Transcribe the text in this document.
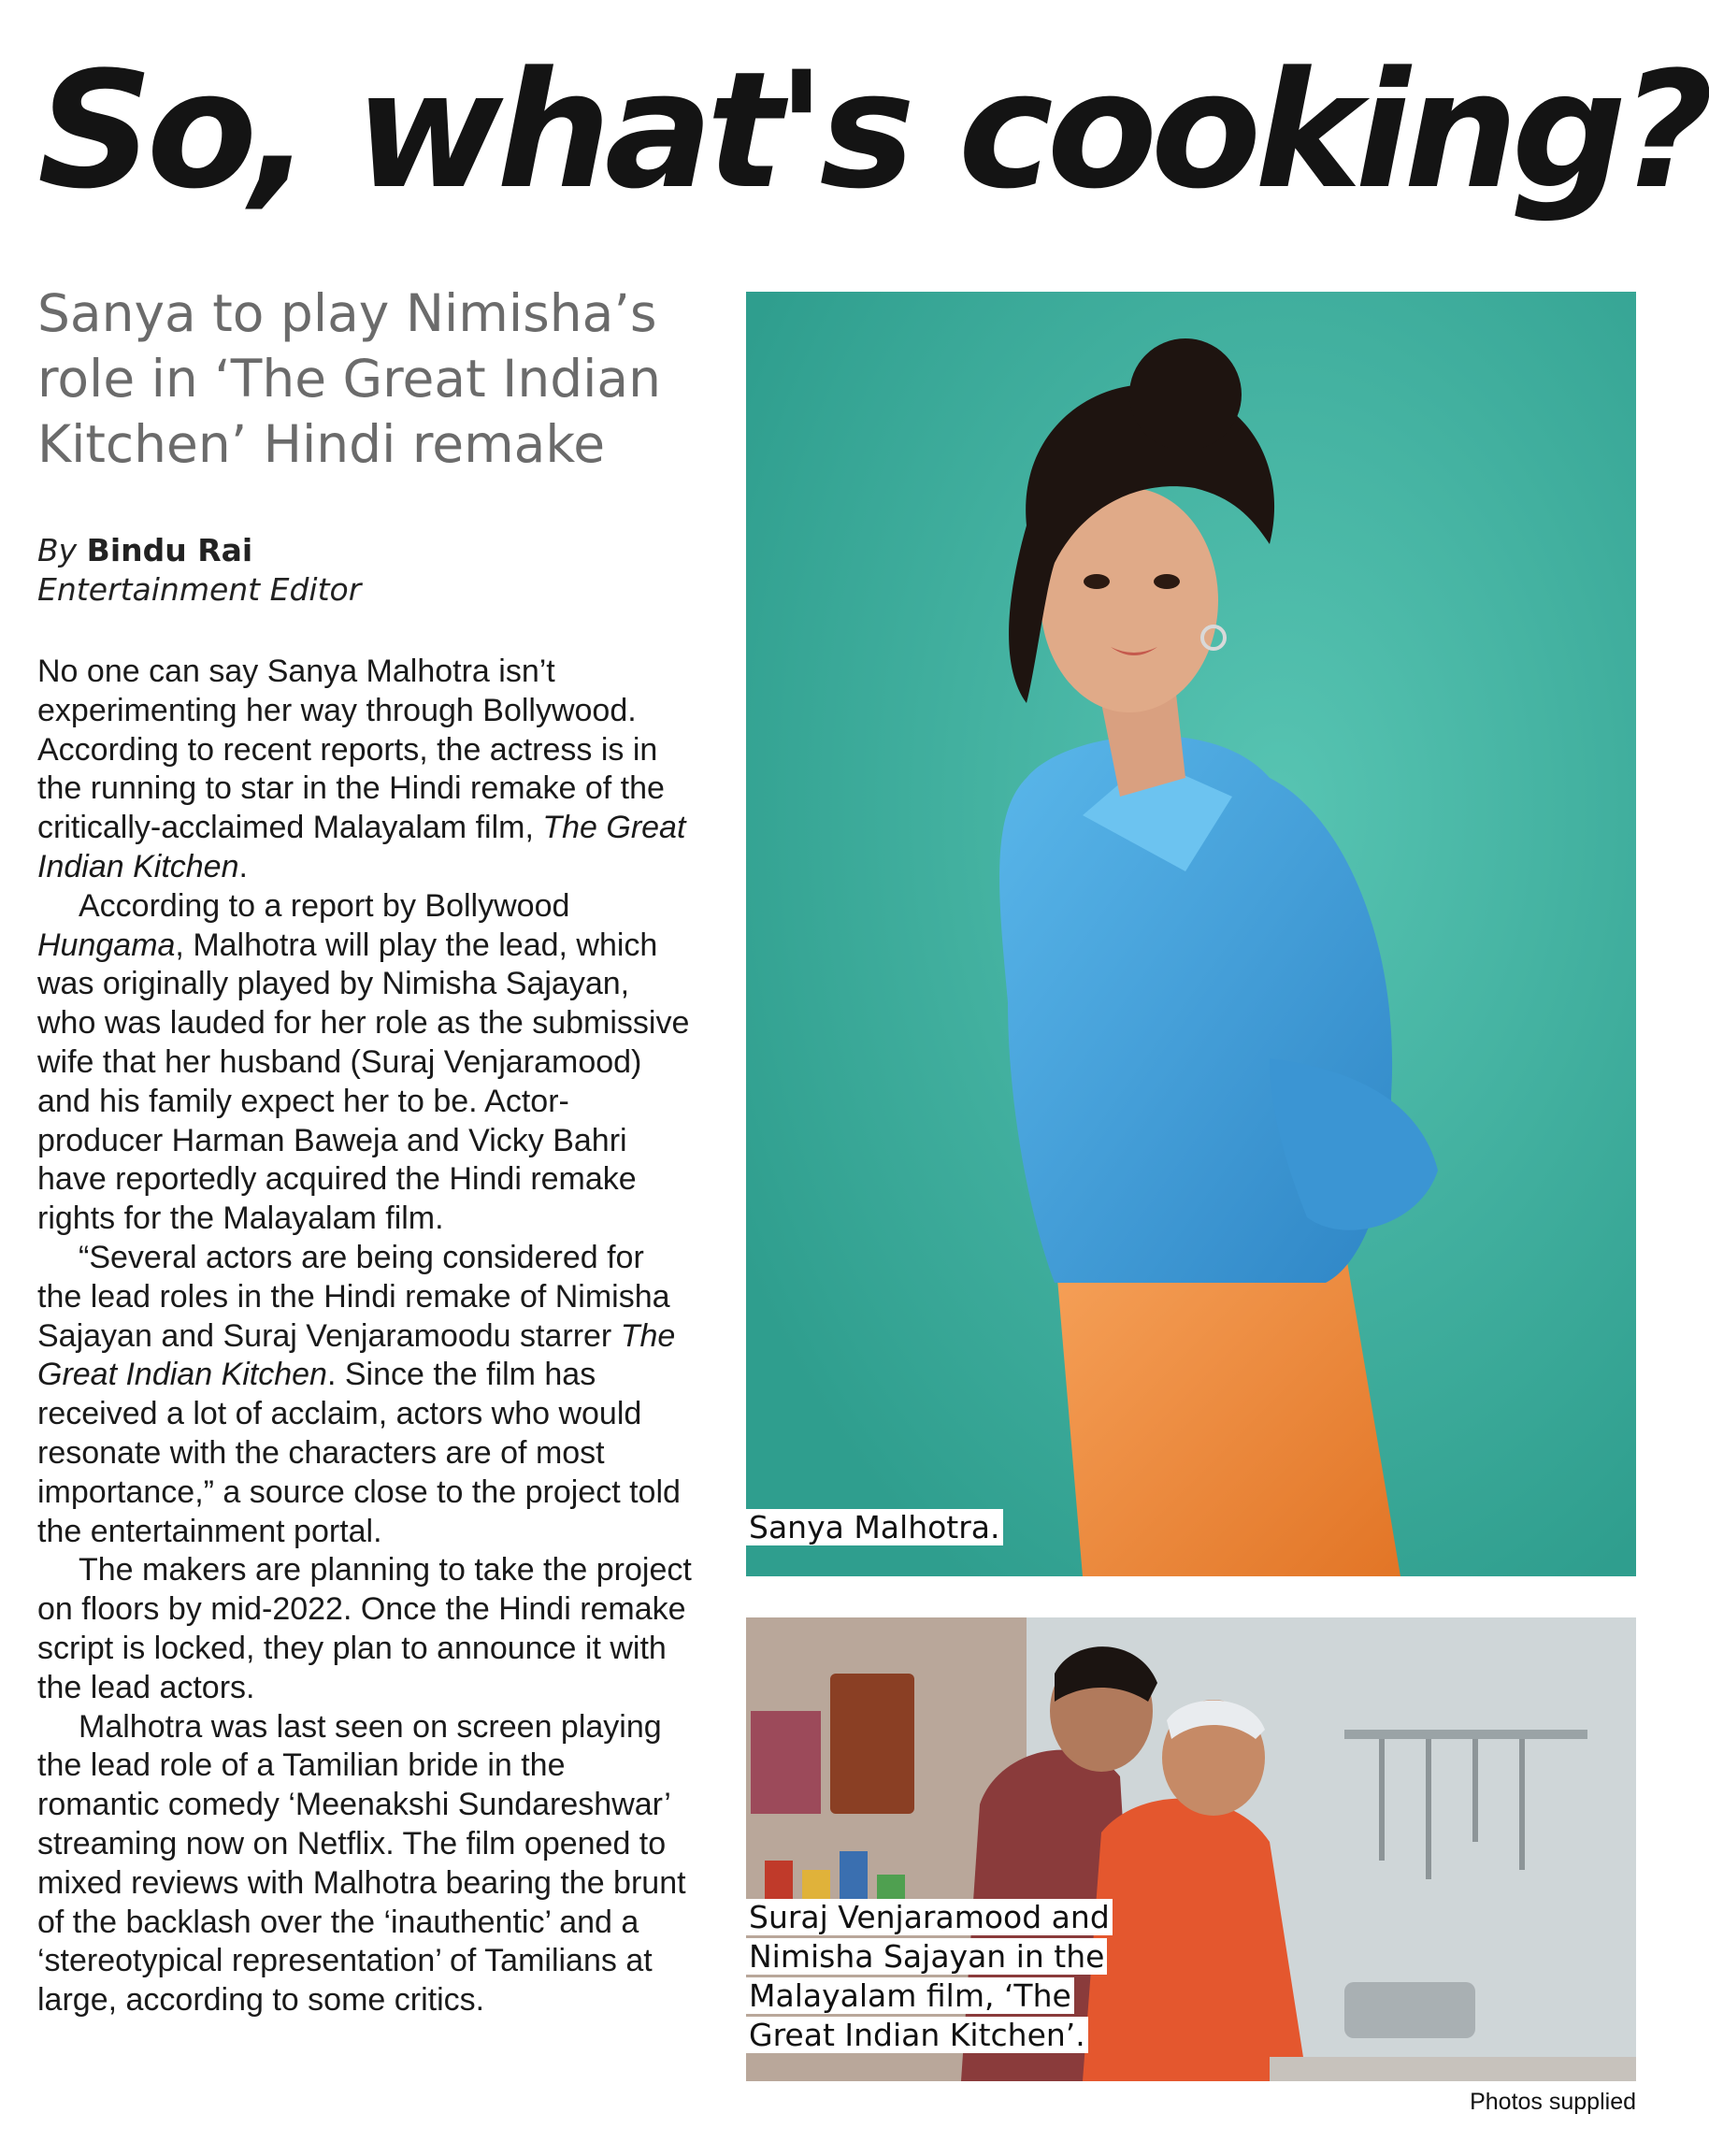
So, what's cooking?
Sanya to play Nimisha’s role in ‘The Great Indian Kitchen’ Hindi remake
By Bindu Rai
Entertainment Editor

No one can say Sanya Malhotra isn’t experimenting her way through Bollywood. According to recent reports, the actress is in the running to star in the Hindi remake of the critically-acclaimed Malayalam film, The Great Indian Kitchen.

According to a report by Bollywood Hungama, Malhotra will play the lead, which was originally played by Nimisha Sajayan, who was lauded for her role as the submissive wife that her husband (Suraj Venjaramood) and his family expect her to be. Actor-producer Harman Baweja and Vicky Bahri have reportedly acquired the Hindi remake rights for the Malayalam film.

“Several actors are being considered for the lead roles in the Hindi remake of Nimisha Sajayan and Suraj Venjaramoodu starrer The Great Indian Kitchen. Since the film has received a lot of acclaim, actors who would resonate with the characters are of most importance,” a source close to the project told the entertainment portal.

The makers are planning to take the project on floors by mid-2022. Once the Hindi remake script is locked, they plan to announce it with the lead actors.

Malhotra was last seen on screen playing the lead role of a Tamilian bride in the romantic comedy ‘Meenakshi Sundareshwar’ streaming now on Netflix. The film opened to mixed reviews with Malhotra bearing the brunt of the backlash over the ‘inauthentic’ and a ‘stereotypical representation’ of Tamilians at large, according to some critics.

Sanya Malhotra.
Suraj Venjaramood and Nimisha Sajayan in the Malayalam film, ‘The Great Indian Kitchen’.
Photos supplied
